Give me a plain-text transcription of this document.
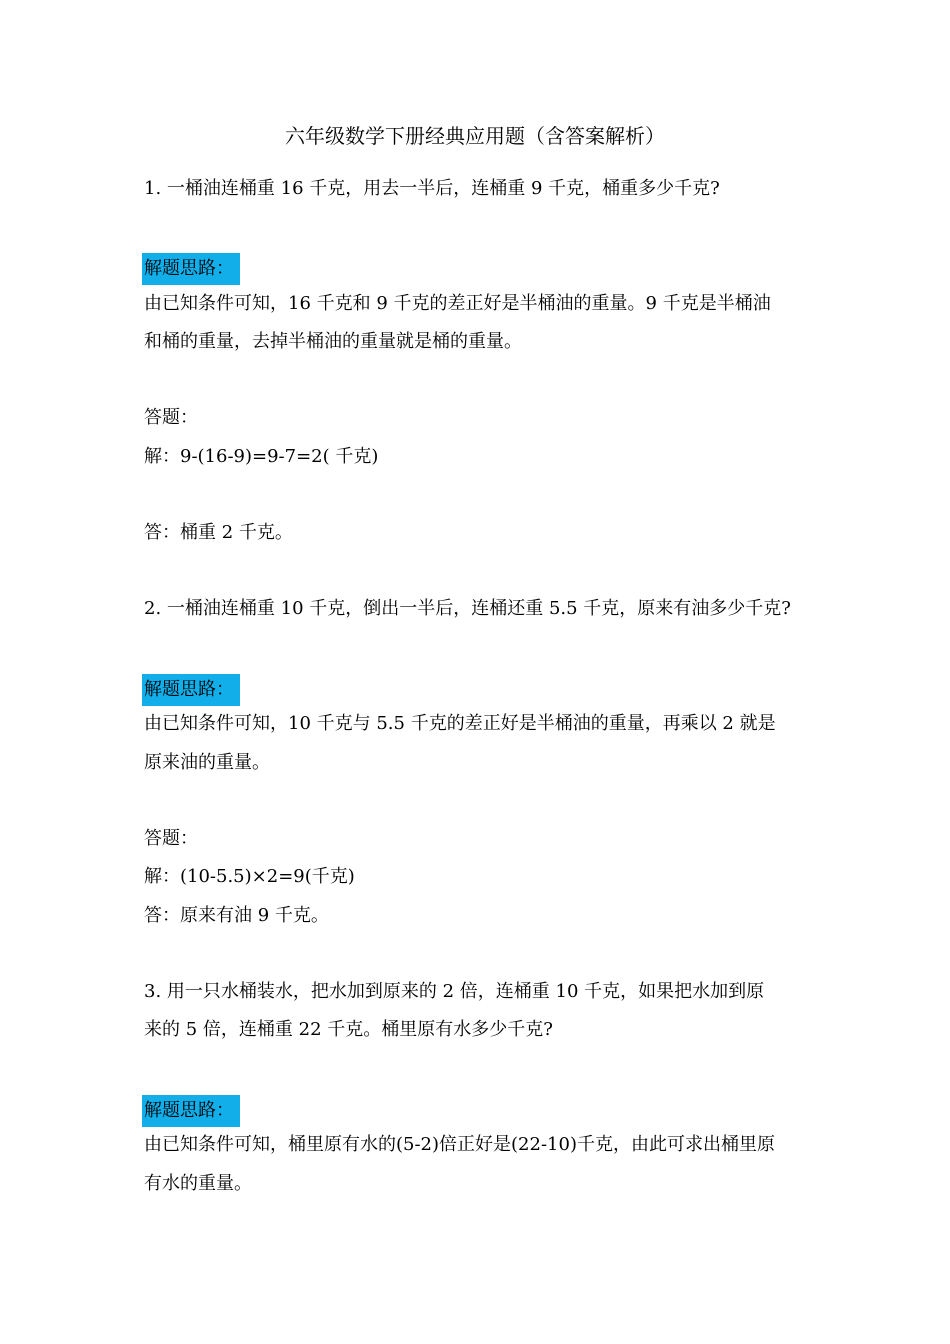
六年级数学下册经典应用题（含答案解析）
1. 一桶油连桶重 16 千克，用去一半后，连桶重 9 千克，桶重多少千克?
解题思路：
由已知条件可知，16 千克和 9 千克的差正好是半桶油的重量。9 千克是半桶油
和桶的重量，去掉半桶油的重量就是桶的重量。
答题：
解：9-(16-9)=9-7=2( 千克)
答：桶重 2 千克。
2. 一桶油连桶重 10 千克，倒出一半后，连桶还重 5.5 千克，原来有油多少千克?
解题思路：
由已知条件可知，10 千克与 5.5 千克的差正好是半桶油的重量，再乘以 2 就是
原来油的重量。
答题：
解：(10-5.5)×2=9(千克)
答：原来有油 9 千克。
3. 用一只水桶装水，把水加到原来的 2 倍，连桶重 10 千克，如果把水加到原
来的 5 倍，连桶重 22 千克。桶里原有水多少千克?
解题思路：
由已知条件可知，桶里原有水的(5-2)倍正好是(22-10)千克，由此可求出桶里原
有水的重量。
